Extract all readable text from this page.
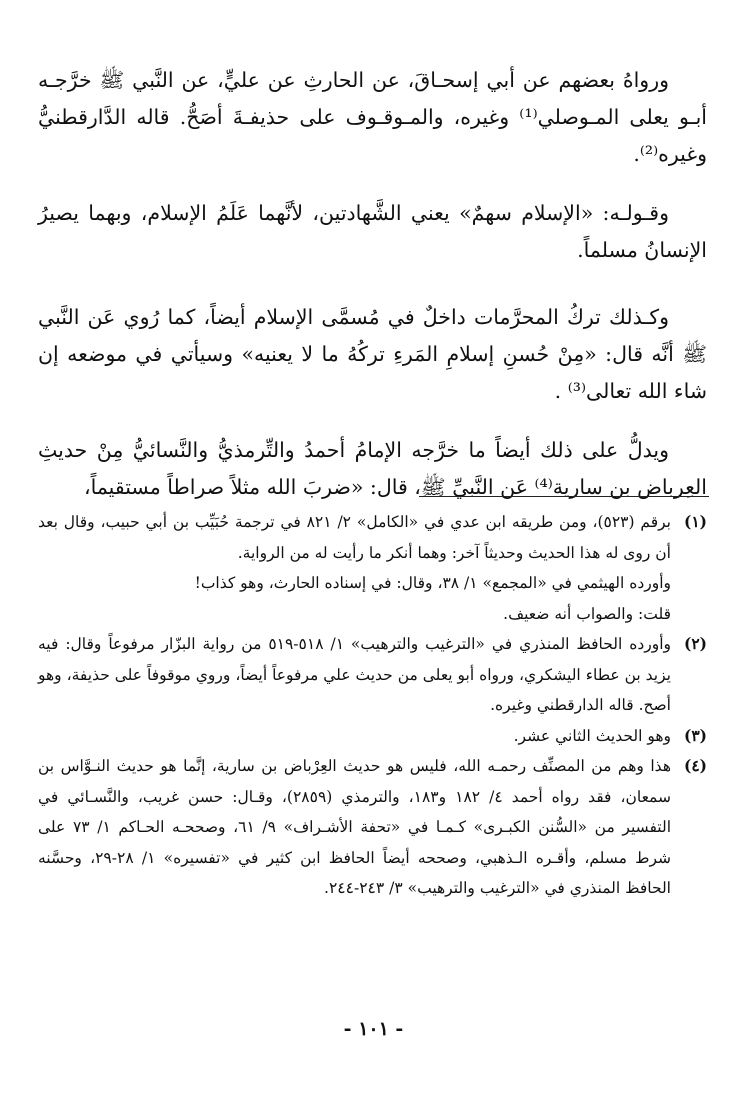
ورواهُ بعضهم عن أبي إسحـاقَ، عن الحارثِ عن عليٍّ، عن النَّبي ﷺ خرَّجـه أبـو يعلى المـوصلي⁽¹⁾ وغيره، والمـوقـوف على حذيفـةَ أصَحُّ. قاله الدَّارقطنيُّ وغيره⁽²⁾.

وقـولـه: «الإسلام سهمٌ» يعني الشَّهادتين، لأنَّهما عَلَمُ الإسلام، وبهما يصيرُ الإنسانُ مسلماً.

وكـذلك تركُ المحرَّمات داخلٌ في مُسمَّى الإسلام أيضاً، كما رُوي عَن النَّبي ﷺ أنَّه قال: «مِنْ حُسنِ إسلامِ المَرءِ تركُهُ ما لا يعنيه» وسيأتي في موضعه إن شاء الله تعالى⁽³⁾ .

ويدلُّ على ذلك أيضاً ما خرَّجه الإمامُ أحمدُ والتِّرمذيُّ والنَّسائيُّ مِنْ حديثِ العِرباض بن سارية⁽⁴⁾ عَن النَّبيِّ ﷺ، قال: «ضربَ الله مثلاً صراطاً مستقيماً،

(١)
برقم (٥٢٣)، ومن طريقه ابن عدي في «الكامل» ٢/ ٨٢١ في ترجمة حُبَيِّب بن أبي حبيب، وقال بعد أن روى له هذا الحديث وحديثاً آخر: وهما أنكر ما رأيت له من الرواية.
وأورده الهيثمي في «المجمع» ١/ ٣٨، وقال: في إسناده الحارث، وهو كذاب!
قلت: والصواب أنه ضعيف.
(٢)
وأورده الحافظ المنذري في «الترغيب والترهيب» ١/ ٥١٨-٥١٩ من رواية البزّار مرفوعاً وقال: فيه يزيد بن عطاء اليشكري، ورواه أبو يعلى من حديث علي مرفوعاً أيضاً، وروي موقوفاً على حذيفة، وهو أصح. قاله الدارقطني وغيره.
(٣)
وهو الحديث الثاني عشر.
(٤)
هذا وهم من المصنِّف رحمـه الله، فليس هو حديث العِرْباض بن سارية، إنَّما هو حديث النـوَّاس بن سمعان، فقد رواه أحمد ٤/ ١٨٢ و١٨٣، والترمذي (٢٨٥٩)، وقـال: حسن غريب، والنَّسـائي في التفسير من «السُّنن الكبـرى» كـمـا في «تحفة الأشـراف» ٩/ ٦١، وصححـه الحـاكم ١/ ٧٣ على شرط مسلم، وأقـره الـذهبي، وصححه أيضاً الحافظ ابن كثير في «تفسيره» ١/ ٢٨-٢٩، وحسَّنه الحافظ المنذري في «الترغيب والترهيب» ٣/ ٢٤٣-٢٤٤.
- ١٠١ -
